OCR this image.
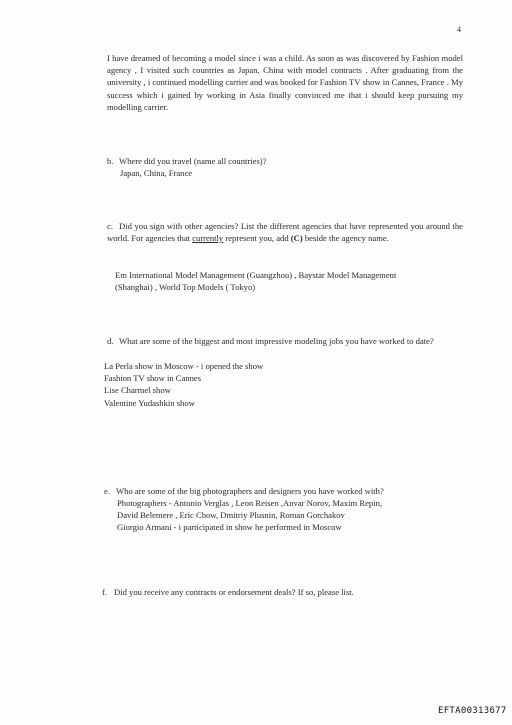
4
I have dreamed of becoming a model since i was a child. As soon as was discovered by Fashion model agency , I visited such countries as Japan, China with model contracts . After graduating from the university , i continued modelling carrier and was booked for Fashion TV show in Cannes, France . My success which i gained by working in Asia finally convinced me that i should keep pursuing my modelling carrier.
b. Where did you travel (name all countries)?
Japan, China, France
c. Did you sign with other agencies? List the different agencies that have represented you around the world. For agencies that currently represent you, add (C) beside the agency name.
Em International Model Management (Guangzhou) , Baystar Model Management
(Shanghai) , World Top Models ( Tokyo)
d. What are some of the biggest and most impressive modeling jobs you have worked to date?
La Perla show in Moscow - i opened the show
Fashion TV show in Cannes
Lise Charmel show
Valentine Yudashkin show
e. Who are some of the big photographers and designers you have worked with?
Photographers - Antonio Verglas , Leon Reisen ,Anvar Norov, Maxim Repin,
David Belemere , Eric Chow, Dmitriy Plusnin, Roman Gorchakov
Giorgio Armani - i participated in show he performed in Moscow
f. Did you receive any contracts or endorsement deals? If so, please list.
EFTA00313677
